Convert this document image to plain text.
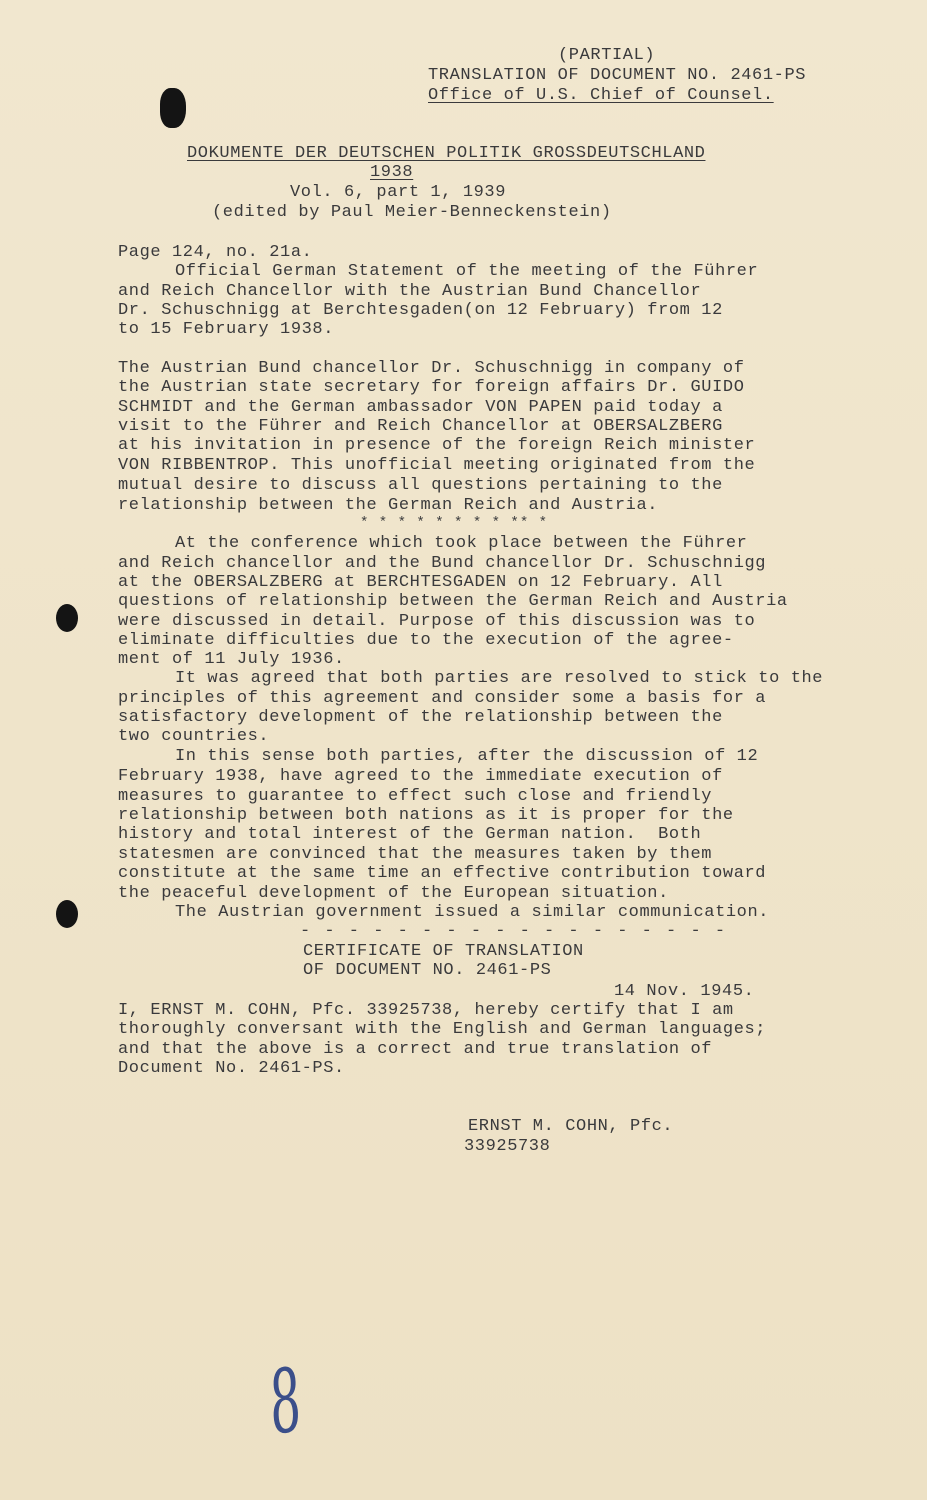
(PARTIAL)
TRANSLATION OF DOCUMENT NO. 2461-PS
Office of U.S. Chief of Counsel.
DOKUMENTE DER DEUTSCHEN POLITIK GROSSDEUTSCHLAND
1938
Vol. 6, part 1, 1939
(edited by Paul Meier-Benneckenstein)
Page 124, no. 21a.
Official German Statement of the meeting of the Führer
and Reich Chancellor with the Austrian Bund Chancellor
Dr. Schuschnigg at Berchtesgaden(on 12 February) from 12
to 15 February 1938.
The Austrian Bund chancellor Dr. Schuschnigg in company of
the Austrian state secretary for foreign affairs Dr. GUIDO
SCHMIDT and the German ambassador VON PAPEN paid today a
visit to the Führer and Reich Chancellor at OBERSALZBERG
at his invitation in presence of the foreign Reich minister
VON RIBBENTROP. This unofficial meeting originated from the
mutual desire to discuss all questions pertaining to the
relationship between the German Reich and Austria.
* * * * * * * * ** *
At the conference which took place between the Führer
and Reich chancellor and the Bund chancellor Dr. Schuschnigg
at the OBERSALZBERG at BERCHTESGADEN on 12 February. All
questions of relationship between the German Reich and Austria
were discussed in detail. Purpose of this discussion was to
eliminate difficulties due to the execution of the agree-
ment of 11 July 1936.
It was agreed that both parties are resolved to stick to the
principles of this agreement and consider some a basis for a
satisfactory development of the relationship between the
two countries.
In this sense both parties, after the discussion of 12
February 1938, have agreed to the immediate execution of
measures to guarantee to effect such close and friendly
relationship between both nations as it is proper for the
history and total interest of the German nation.  Both
statesmen are convinced that the measures taken by them
constitute at the same time an effective contribution toward
the peaceful development of the European situation.
The Austrian government issued a similar communication.
- - - - - - - - - - - - - - - - - -
CERTIFICATE OF TRANSLATION
OF DOCUMENT NO. 2461-PS
14 Nov. 1945.
I, ERNST M. COHN, Pfc. 33925738, hereby certify that I am
thoroughly conversant with the English and German languages;
and that the above is a correct and true translation of
Document No. 2461-PS.
ERNST M. COHN, Pfc.
33925738
8
